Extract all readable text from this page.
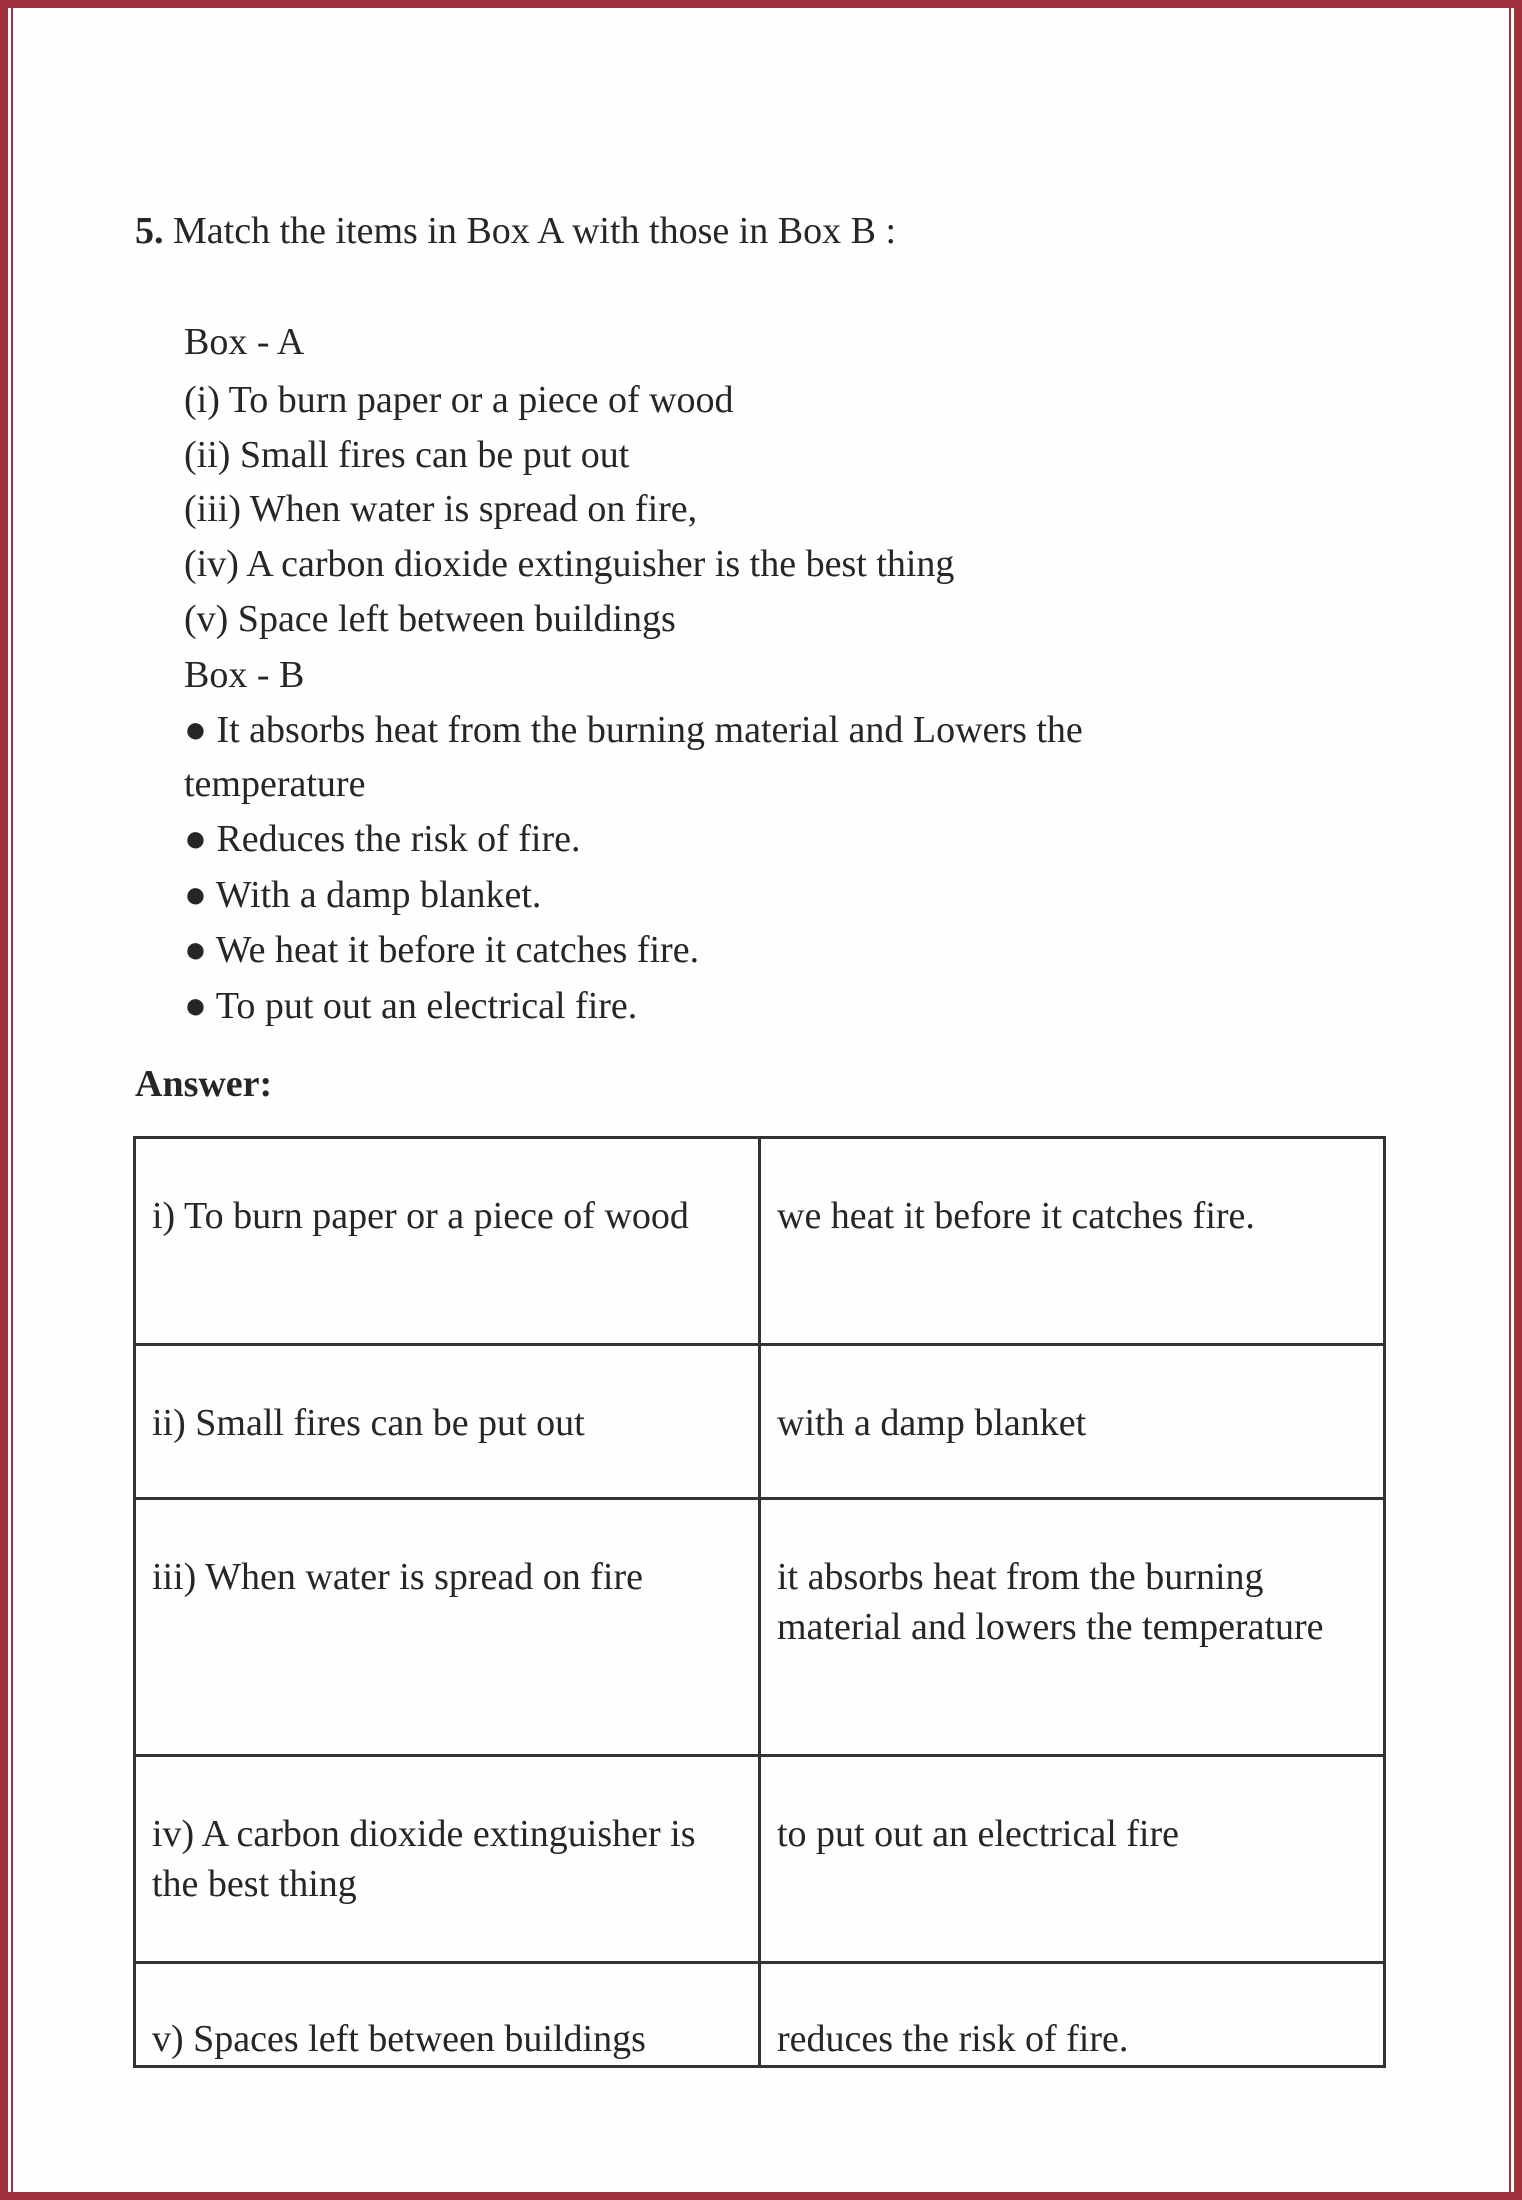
5. Match the items in Box A with those in Box B :
Box - A
(i) To burn paper or a piece of wood
(ii) Small fires can be put out
(iii) When water is spread on fire,
(iv) A carbon dioxide extinguisher is the best thing
(v) Space left between buildings
Box - B
● It absorbs heat from the burning material and Lowers the
temperature
● Reduces the risk of fire.
● With a damp blanket.
● We heat it before it catches fire.
● To put out an electrical fire.
Answer:
i) To burn paper or a piece of wood	we heat it before it catches fire.
ii) Small fires can be put out	with a damp blanket
iii) When water is spread on fire	it absorbs heat from the burning material and lowers the temperature
iv) A carbon dioxide extinguisher is the best thing	to put out an electrical fire
v) Spaces left between buildings	reduces the risk of fire.
